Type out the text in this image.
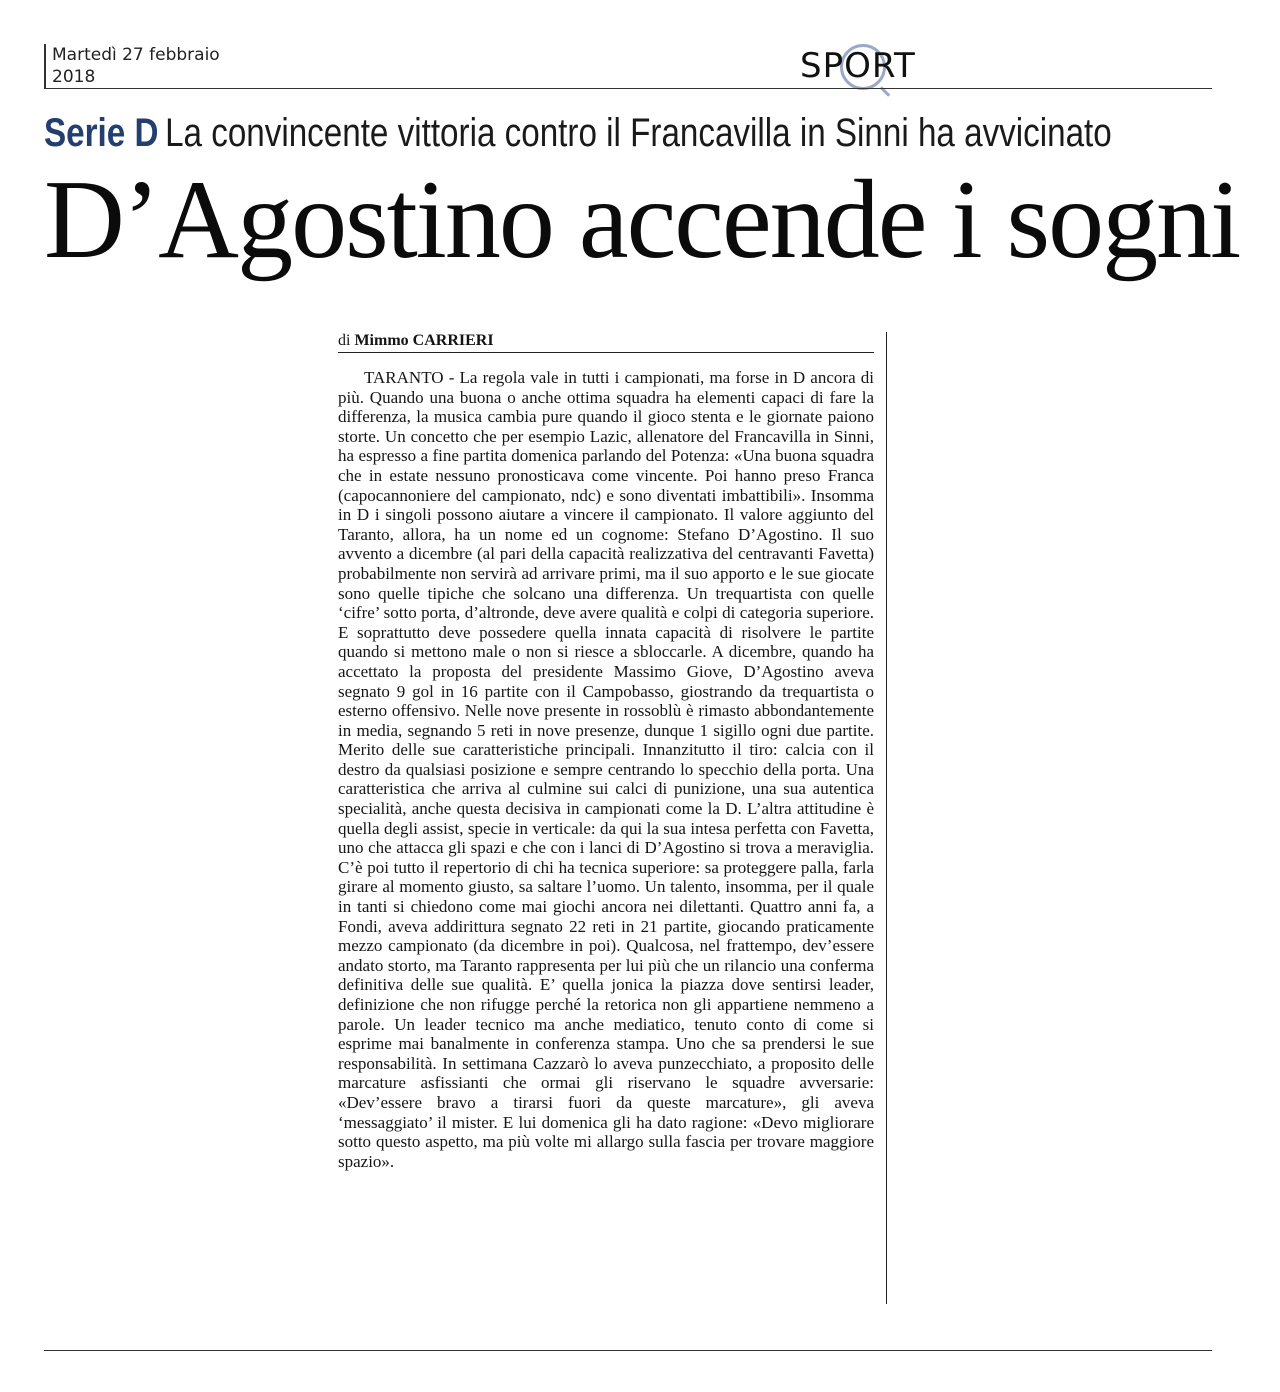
Martedì 27 febbraio
2018	SPORT
Serie D La convincente vittoria contro il Francavilla in Sinni ha avvicinato
D’Agostino accende i sogni
di Mimmo CARRIERI

TARANTO - La regola vale in tutti i campionati, ma forse in D ancora di più. Quando una buona o anche ottima squadra ha elementi capaci di fare la differenza, la musica cambia pure quando il gioco stenta e le giornate paiono storte. Un concetto che per esempio Lazic, allenatore del Francavilla in Sinni, ha espresso a fine partita domenica parlando del Potenza: «Una buona squadra che in estate nessuno pronosticava come vincente. Poi hanno preso Franca (capocannoniere del campionato, ndc) e sono diventati imbattibili». Insomma in D i singoli possono aiutare a vincere il campionato. Il valore aggiunto del Taranto, allora, ha un nome ed un cognome: Stefano D’Agostino. Il suo avvento a dicembre (al pari della capacità realizzativa del centravanti Favetta) probabilmente non servirà ad arrivare primi, ma il suo apporto e le sue giocate sono quelle tipiche che solcano una differenza. Un trequartista con quelle ‘cifre’ sotto porta, d’altronde, deve avere qualità e colpi di categoria superiore. E soprattutto deve possedere quella innata capacità di risolvere le partite quando si mettono male o non si riesce a sbloccarle. A dicembre, quando ha accettato la proposta del presidente Massimo Giove, D’Agostino aveva segnato 9 gol in 16 partite con il Campobasso, giostrando da trequartista o esterno offensivo. Nelle nove presente in rossoblù è rimasto abbondantemente in media, segnando 5 reti in nove presenze, dunque 1 sigillo ogni due partite. Merito delle sue caratteristiche principali. Innanzitutto il tiro: calcia con il destro da qualsiasi posizione e sempre centrando lo specchio della porta. Una caratteristica che arriva al culmine sui calci di punizione, una sua autentica specialità, anche questa decisiva in campionati come la D. L’altra attitudine è quella degli assist, specie in verticale: da qui la sua intesa perfetta con Favetta, uno che attacca gli spazi e che con i lanci di D’Agostino si trova a meraviglia. C’è poi tutto il repertorio di chi ha tecnica superiore: sa proteggere palla, farla girare al momento giusto, sa saltare l’uomo. Un talento, insomma, per il quale in tanti si chiedono come mai giochi ancora nei dilettanti. Quattro anni fa, a Fondi, aveva addirittura segnato 22 reti in 21 partite, giocando praticamente mezzo campionato (da dicembre in poi). Qualcosa, nel frattempo, dev’essere andato storto, ma Taranto rappresenta per lui più che un rilancio una conferma definitiva delle sue qualità. E’ quella jonica la piazza dove sentirsi leader, definizione che non rifugge perché la retorica non gli appartiene nemmeno a parole. Un leader tecnico ma anche mediatico, tenuto conto di come si esprime mai banalmente in conferenza stampa. Uno che sa prendersi le sue responsabilità. In settimana Cazzarò lo aveva punzecchiato, a proposito delle marcature asfissianti che ormai gli riservano le squadre avversarie: «Dev’essere bravo a tirarsi fuori da queste marcature», gli aveva ‘messaggiato’ il mister. E lui domenica gli ha dato ragione: «Devo migliorare sotto questo aspetto, ma più volte mi allargo sulla fascia per trovare maggiore spazio».
